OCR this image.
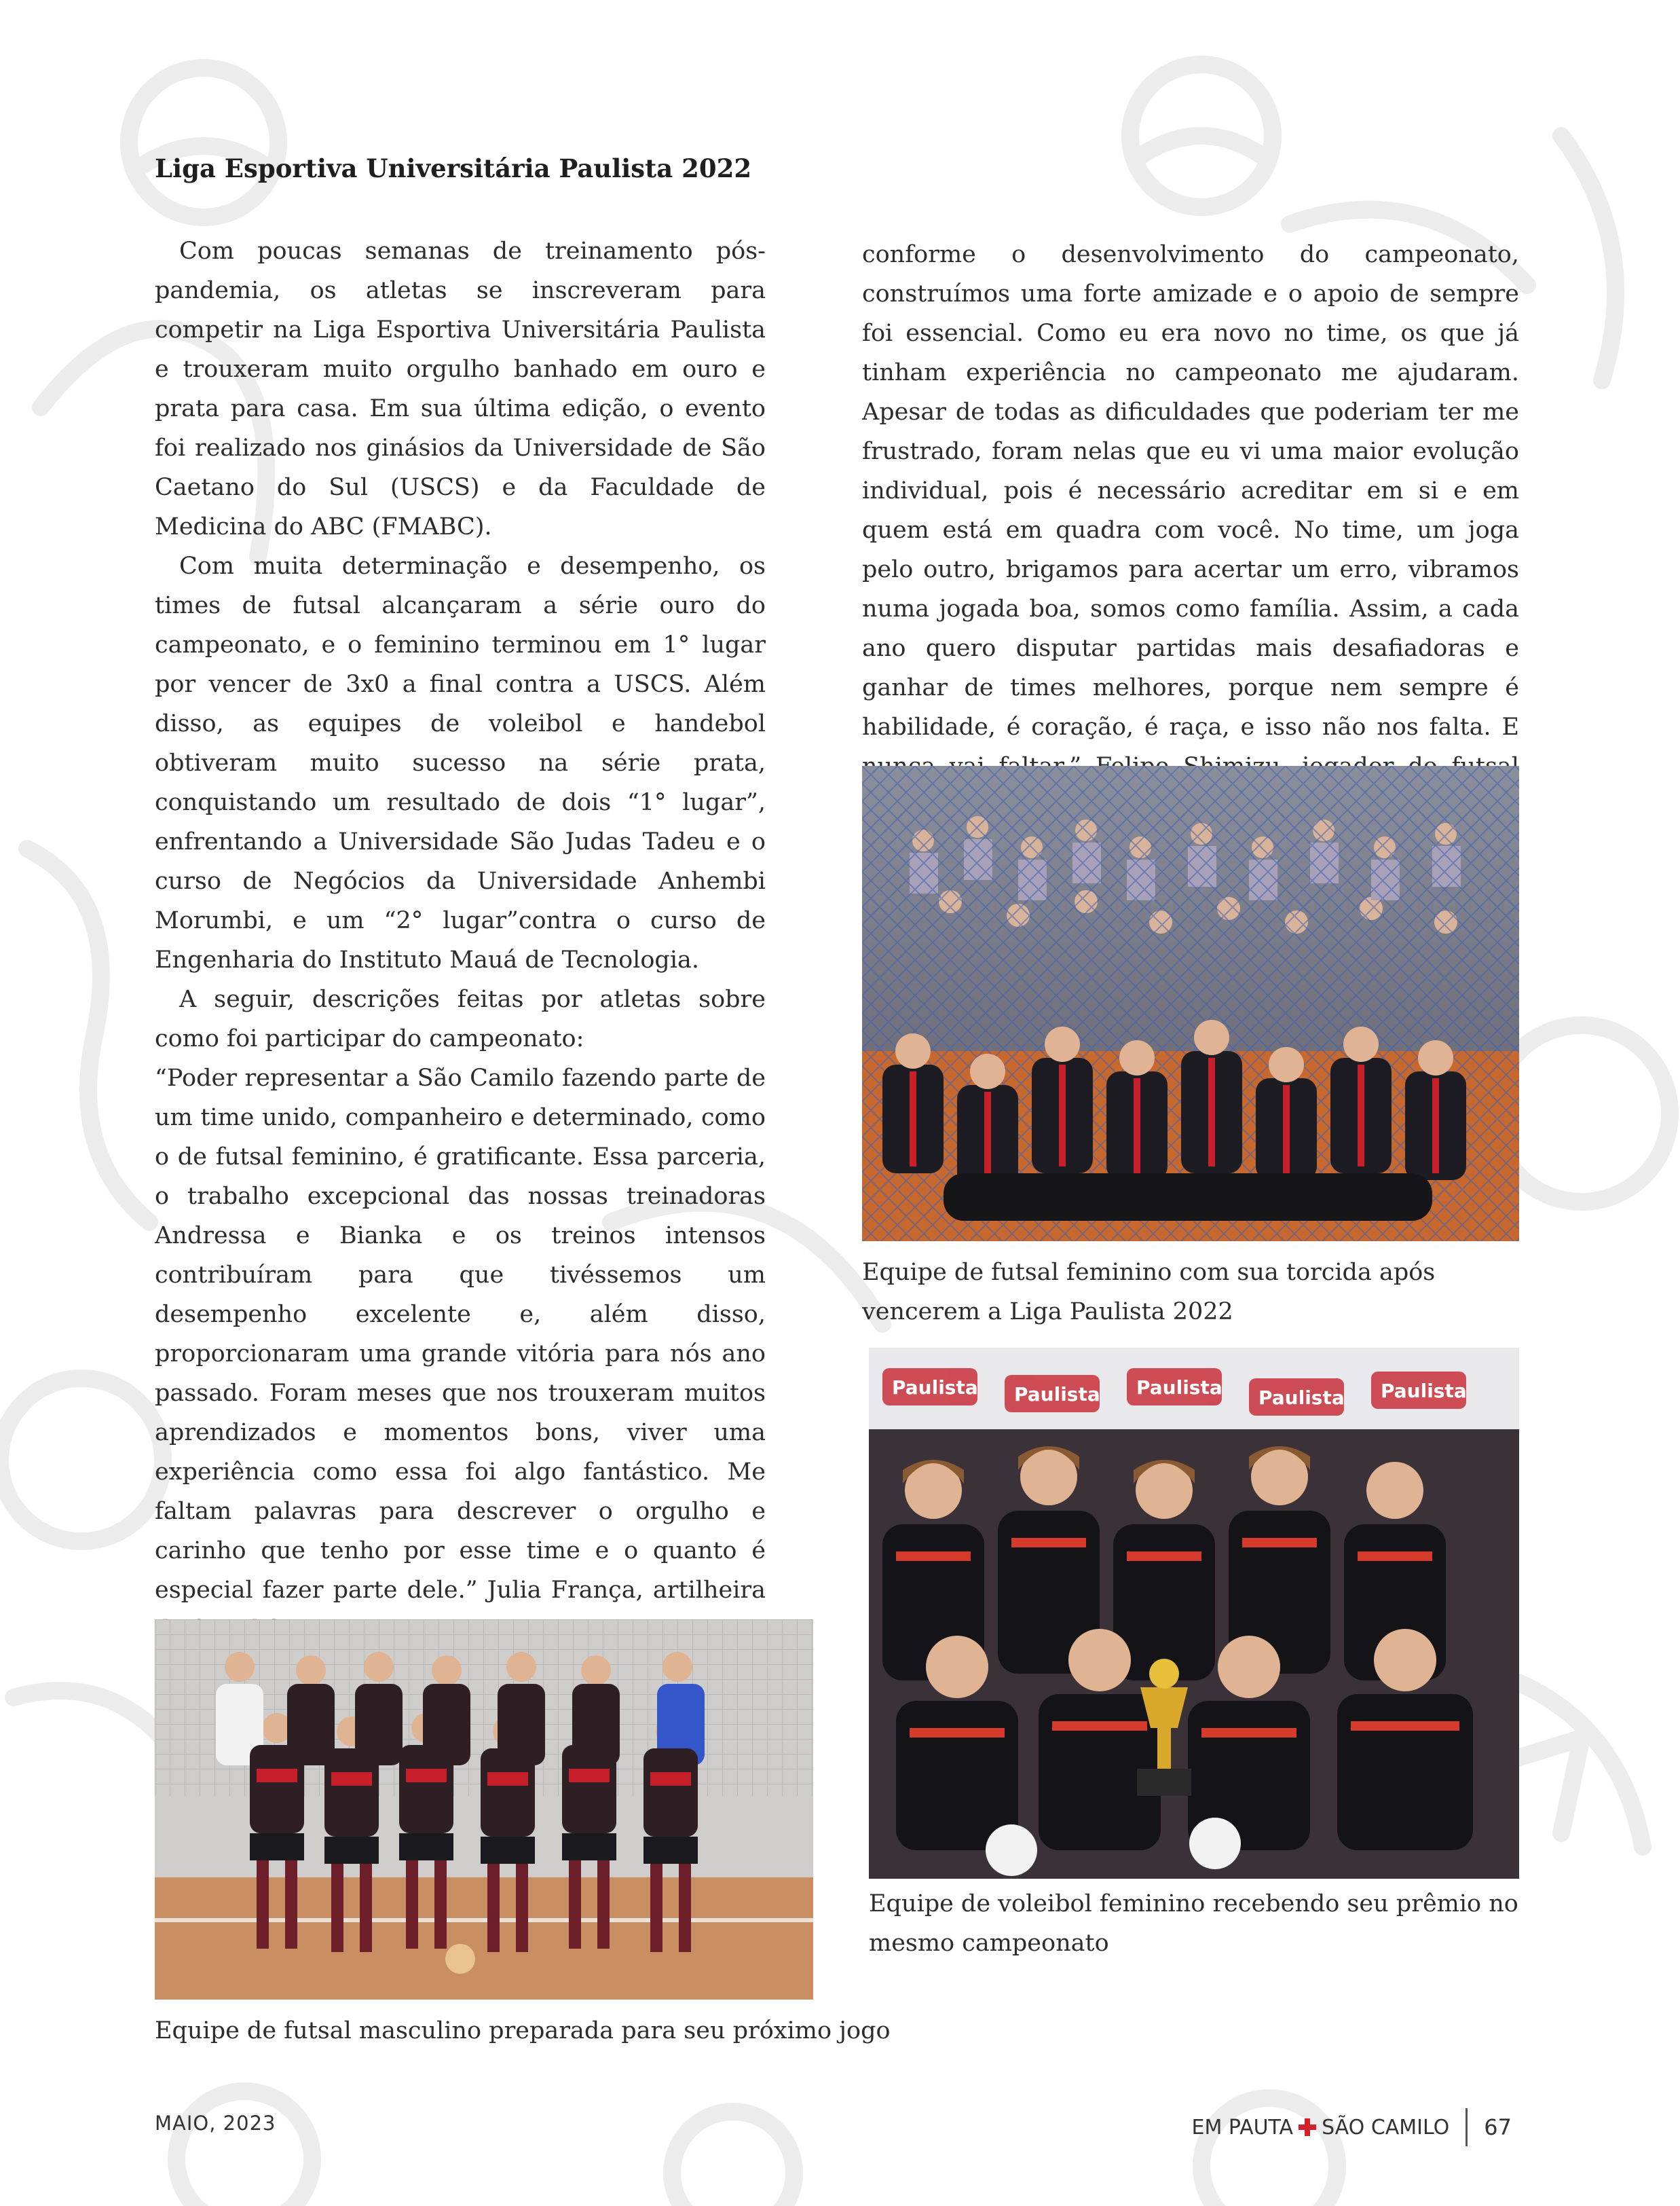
Liga Esportiva Universitária Paulista 2022

Com poucas semanas de treinamento pós-pandemia, os atletas se inscreveram para competir na Liga Esportiva Universitária Paulista e trouxeram muito orgulho banhado em ouro e prata para casa. Em sua última edição, o evento foi realizado nos ginásios da Universidade de São Caetano do Sul (USCS) e da Faculdade de Medicina do ABC (FMABC).

Com muita determinação e desempenho, os times de futsal alcançaram a série ouro do campeonato, e o feminino terminou em 1° lugar por vencer de 3x0 a final contra a USCS. Além disso, as equipes de voleibol e handebol obtiveram muito sucesso na série prata, conquistando um resultado de dois “1° lugar”, enfrentando a Universidade São Judas Tadeu e o curso de Negócios da Universidade Anhembi Morumbi, e um “2° lugar”contra o curso de Engenharia do Instituto Mauá de Tecnologia.

A seguir, descrições feitas por atletas sobre como foi participar do campeonato:

“Poder representar a São Camilo fazendo parte de um time unido, companheiro e determinado, como o de futsal feminino, é gratificante. Essa parceria, o trabalho excepcional das nossas treinadoras Andressa e Bianka e os treinos intensos contribuíram para que tivéssemos um desempenho excelente e, além disso, proporcionaram uma grande vitória para nós ano passado. Foram meses que nos trouxeram muitos aprendizados e momentos bons, viver uma experiência como essa foi algo fantástico. Me faltam palavras para descrever o orgulho e carinho que tenho por esse time e o quanto é especial fazer parte dele.” Julia França, artilheira

conforme o desenvolvimento do campeonato, construímos uma forte amizade e o apoio de sempre foi essencial. Como eu era novo no time, os que já tinham experiência no campeonato me ajudaram. Apesar de todas as dificuldades que poderiam ter me frustrado, foram nelas que eu vi uma maior evolução individual, pois é necessário acreditar em si e em quem está em quadra com você. No time, um joga pelo outro, brigamos para acertar um erro, vibramos numa jogada boa, somos como família. Assim, a cada ano quero disputar partidas mais desafiadoras e ganhar de times melhores, porque nem sempre é habilidade, é coração, é raça, e isso não nos falta. E

Equipe de futsal feminino com sua torcida após vencerem a Liga Paulista 2022
Paulista Paulista Paulista Paulista Paulista
Equipe de voleibol feminino recebendo seu prêmio no mesmo campeonato
Equipe de futsal masculino preparada para seu próximo jogo
MAIO, 2023	EM PAUTA SÃO CAMILO 67
